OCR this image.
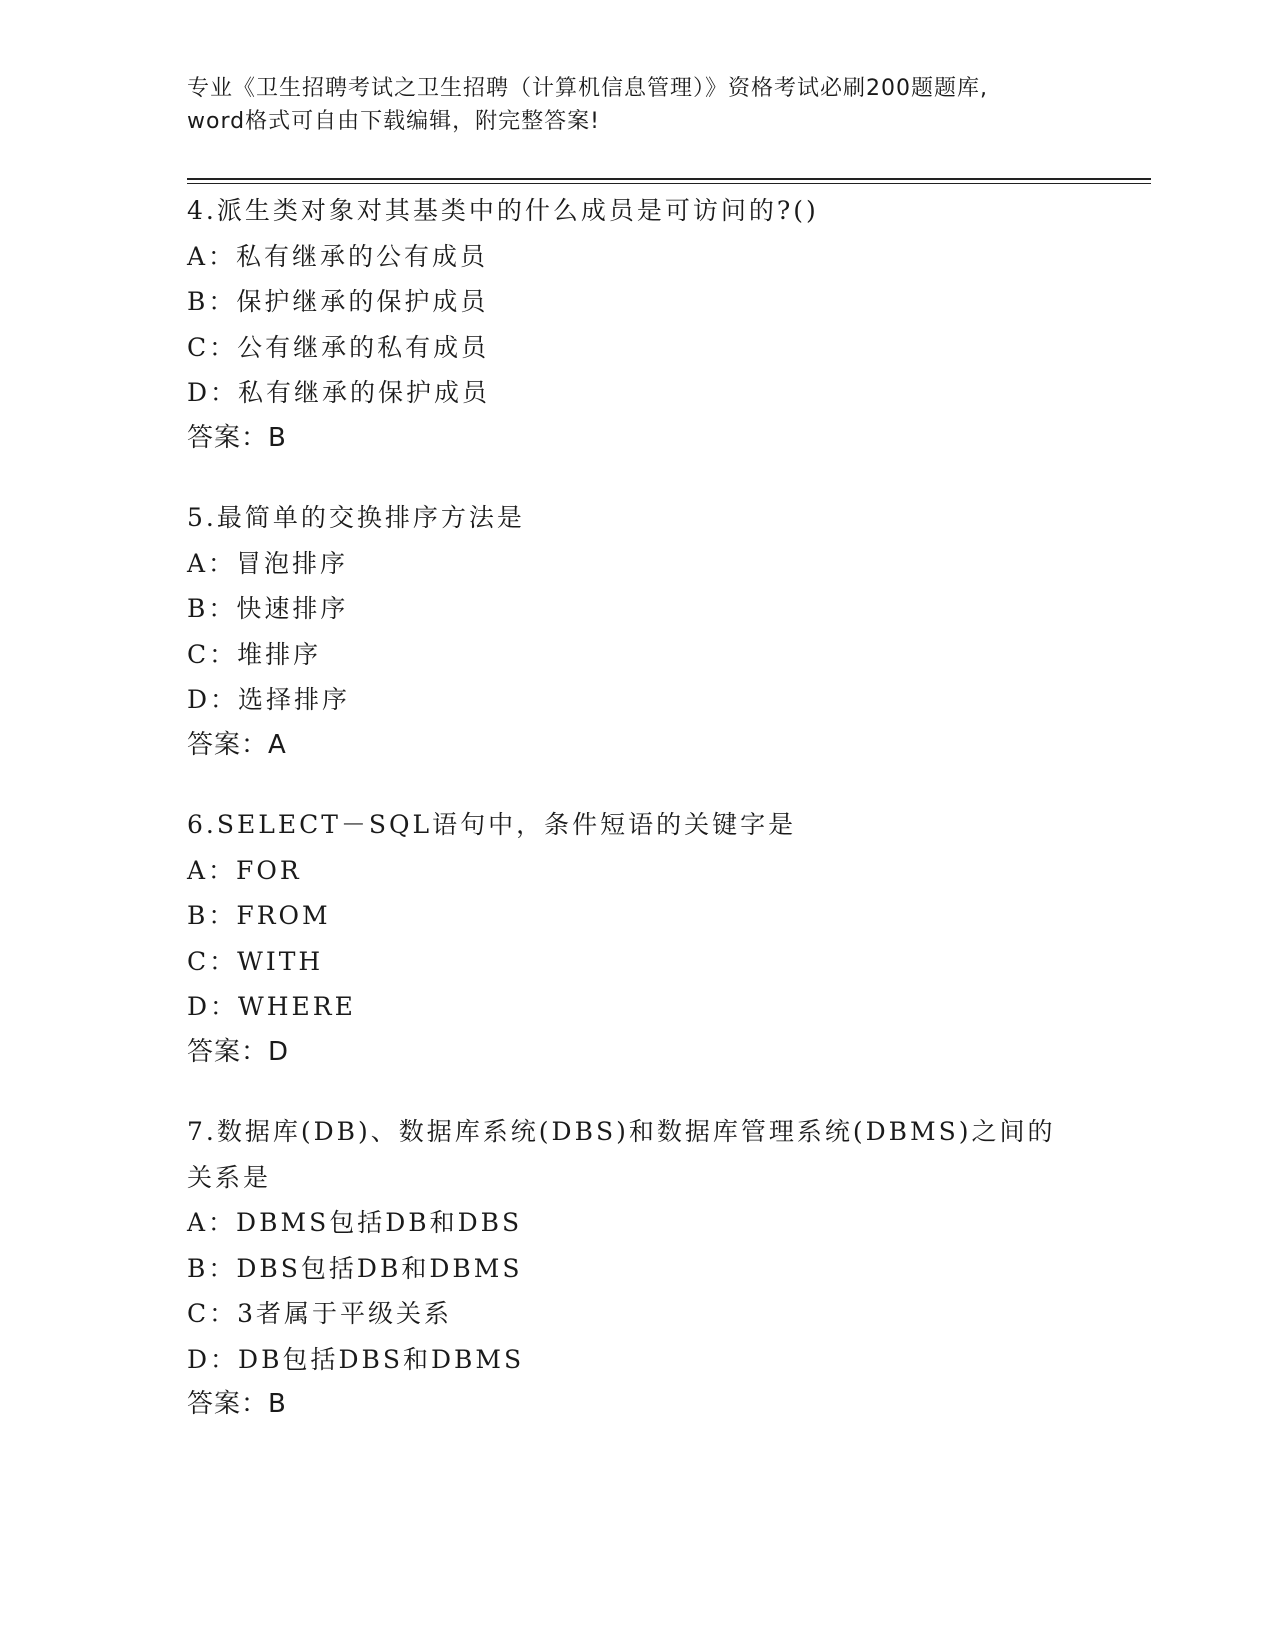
专业《卫生招聘考试之卫生招聘（计算机信息管理）》资格考试必刷200题题库,
word格式可自由下载编辑，附完整答案!

4.派生类对象对其基类中的什么成员是可访问的?()

A：私有继承的公有成员

B：保护继承的保护成员

C：公有继承的私有成员

D：私有继承的保护成员

答案：B

5.最简单的交换排序方法是

A：冒泡排序

B：快速排序

C：堆排序

D：选择排序

答案：A

6.SELECT－SQL语句中，条件短语的关键字是

A：FOR

B：FROM

C：WITH

D：WHERE

答案：D

7.数据库(DB)、数据库系统(DBS)和数据库管理系统(DBMS)之间的关系是

A：DBMS包括DB和DBS

B：DBS包括DB和DBMS

C：3者属于平级关系

D：DB包括DBS和DBMS

答案：B
